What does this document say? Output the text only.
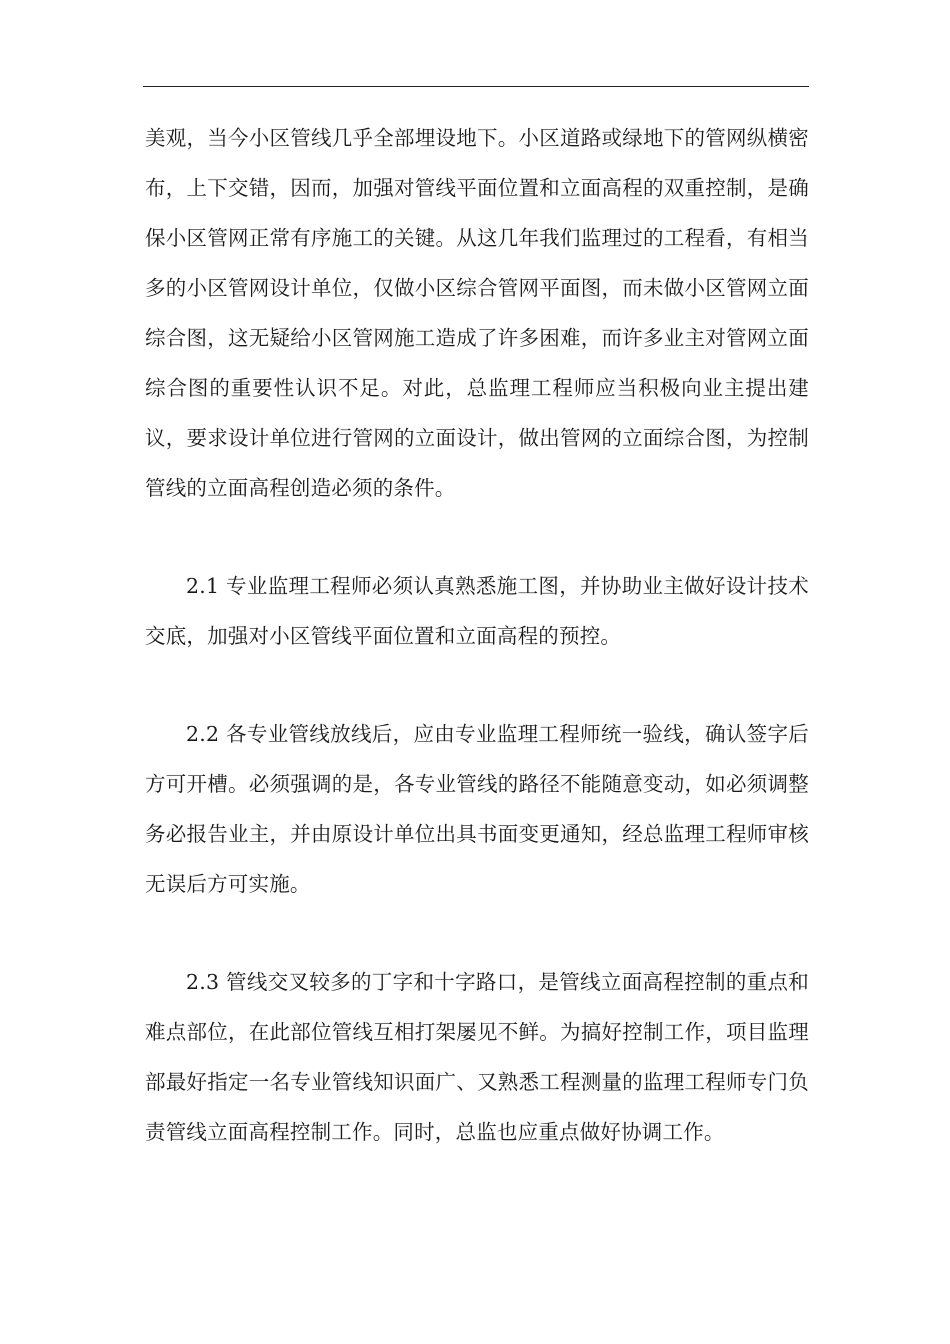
美观，当今小区管线几乎全部埋设地下。小区道路或绿地下的管网纵横密布，上下交错，因而，加强对管线平面位置和立面高程的双重控制，是确保小区管网正常有序施工的关键。从这几年我们监理过的工程看，有相当多的小区管网设计单位，仅做小区综合管网平面图，而未做小区管网立面综合图，这无疑给小区管网施工造成了许多困难，而许多业主对管网立面综合图的重要性认识不足。对此，总监理工程师应当积极向业主提出建议，要求设计单位进行管网的立面设计，做出管网的立面综合图，为控制管线的立面高程创造必须的条件。

2.1 专业监理工程师必须认真熟悉施工图，并协助业主做好设计技术交底，加强对小区管线平面位置和立面高程的预控。

2.2 各专业管线放线后，应由专业监理工程师统一验线，确认签字后方可开槽。必须强调的是，各专业管线的路径不能随意变动，如必须调整务必报告业主，并由原设计单位出具书面变更通知，经总监理工程师审核无误后方可实施。

2.3 管线交叉较多的丁字和十字路口，是管线立面高程控制的重点和难点部位，在此部位管线互相打架屡见不鲜。为搞好控制工作，项目监理部最好指定一名专业管线知识面广、又熟悉工程测量的监理工程师专门负责管线立面高程控制工作。同时，总监也应重点做好协调工作。
